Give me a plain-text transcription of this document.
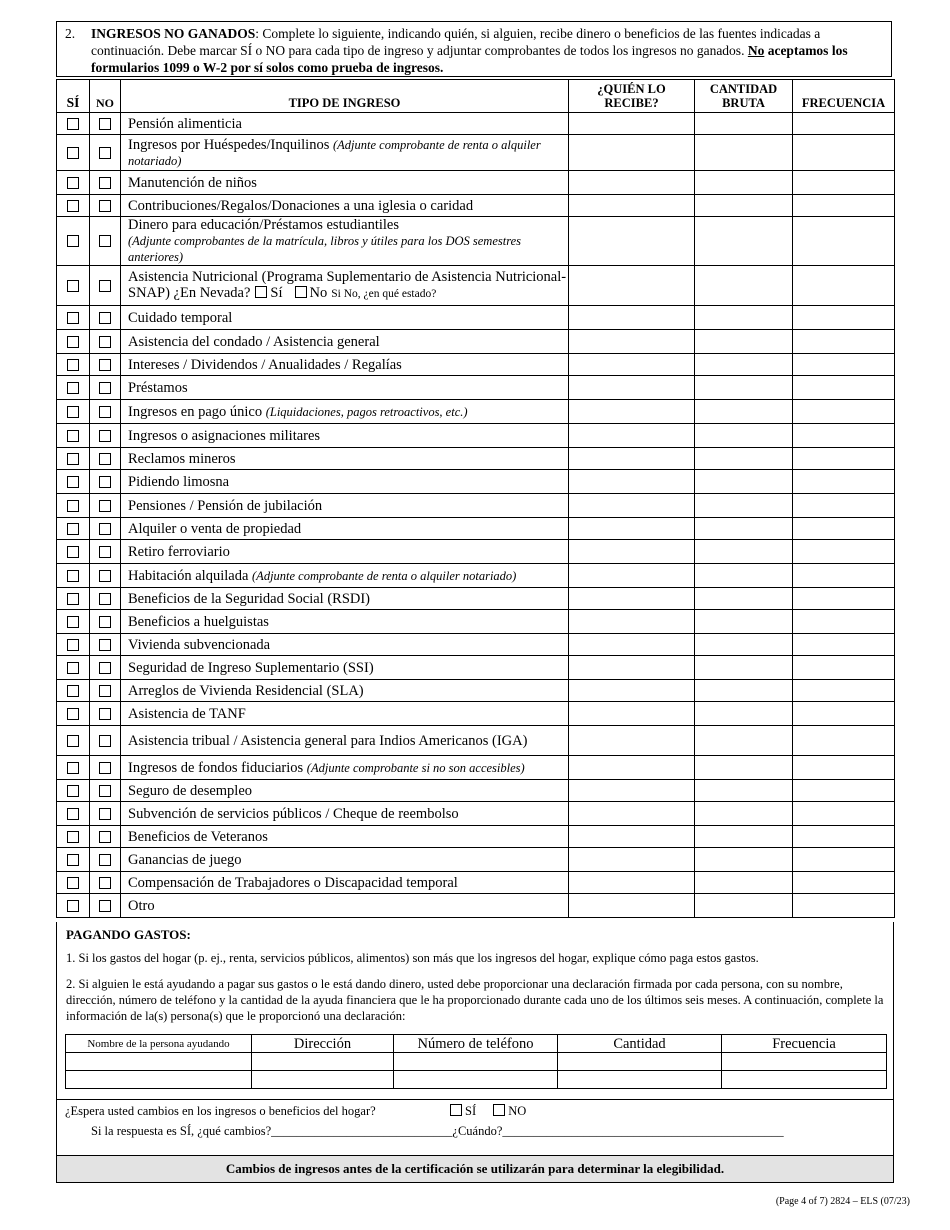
2. INGRESOS NO GANADOS: Complete lo siguiente, indicando quién, si alguien, recibe dinero o beneficios de las fuentes indicadas a continuación. Debe marcar SÍ o NO para cada tipo de ingreso y adjuntar comprobantes de todos los ingresos no ganados. No aceptamos los formularios 1099 o W-2 por sí solos como prueba de ingresos.
SÍ	NO	TIPO DE INGRESO	¿QUIÉN LO RECIBE?	CANTIDAD BRUTA	FRECUENCIA
		Pensión alimenticia			
		Ingresos por Huéspedes/Inquilinos (Adjunte comprobante de renta o alquiler notariado)			
		Manutención de niños			
		Contribuciones/Regalos/Donaciones a una iglesia o caridad			
		Dinero para educación/Préstamos estudiantiles
(Adjunte comprobantes de la matrícula, libros y útiles para los DOS semestres anteriores)			
		Asistencia Nutricional (Programa Suplementario de Asistencia Nutricional-SNAP) ¿En Nevada? Sí No Si No, ¿en qué estado?			
		Cuidado temporal			
		Asistencia del condado / Asistencia general			
		Intereses / Dividendos / Anualidades / Regalías			
		Préstamos			
		Ingresos en pago único (Liquidaciones, pagos retroactivos, etc.)			
		Ingresos o asignaciones militares			
		Reclamos mineros			
		Pidiendo limosna			
		Pensiones / Pensión de jubilación			
		Alquiler o venta de propiedad			
		Retiro ferroviario			
		Habitación alquilada (Adjunte comprobante de renta o alquiler notariado)			
		Beneficios de la Seguridad Social (RSDI)			
		Beneficios a huelguistas			
		Vivienda subvencionada			
		Seguridad de Ingreso Suplementario (SSI)			
		Arreglos de Vivienda Residencial (SLA)			
		Asistencia de TANF			
		Asistencia tribual / Asistencia general para Indios Americanos (IGA)			
		Ingresos de fondos fiduciarios (Adjunte comprobante si no son accesibles)			
		Seguro de desempleo			
		Subvención de servicios públicos / Cheque de reembolso			
		Beneficios de Veteranos			
		Ganancias de juego			
		Compensación de Trabajadores o Discapacidad temporal			
		Otro			
PAGANDO GASTOS:
1. Si los gastos del hogar (p. ej., renta, servicios públicos, alimentos) son más que los ingresos del hogar, explique cómo paga estos gastos.
2. Si alguien le está ayudando a pagar sus gastos o le está dando dinero, usted debe proporcionar una declaración firmada por cada persona, con su nombre, dirección, número de teléfono y la cantidad de la ayuda financiera que le ha proporcionado durante cada uno de los últimos seis meses. A continuación, complete la información de la(s) persona(s) que le proporcionó una declaración:
Nombre de la persona ayudando	Dirección	Número de teléfono	Cantidad	Frecuencia

¿Espera usted cambios en los ingresos o beneficios del hogar?	SÍ	NO
Si la respuesta es SÍ, ¿qué cambios?_____________________________¿Cuándo?_____________________________________________
Cambios de ingresos antes de la certificación se utilizarán para determinar la elegibilidad.
(Page 4 of 7) 2824 – ELS (07/23)
